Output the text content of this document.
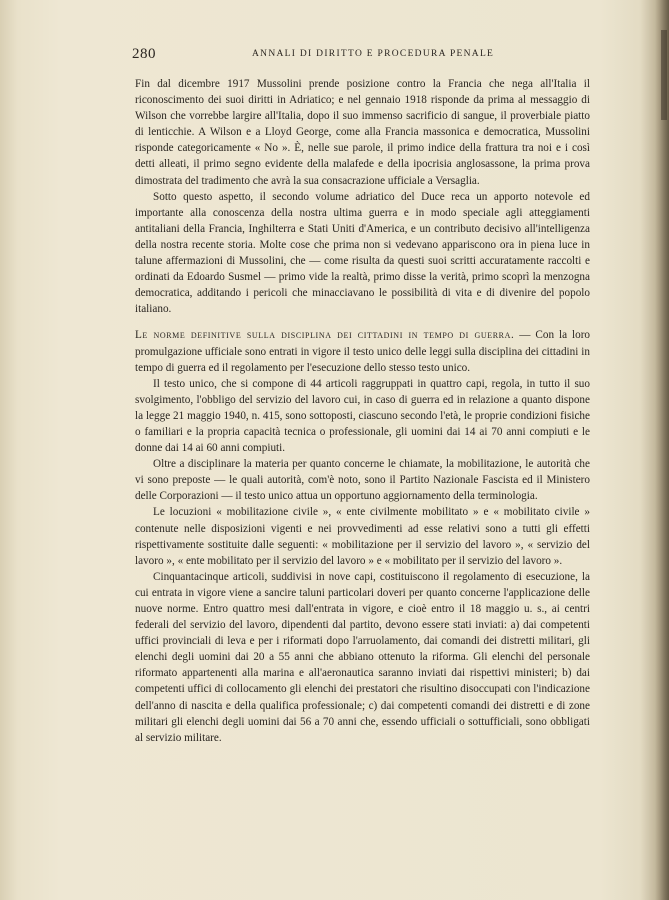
280	ANNALI DI DIRITTO E PROCEDURA PENALE

Fin dal dicembre 1917 Mussolini prende posizione contro la Francia che nega all'Italia il riconoscimento dei suoi diritti in Adriatico; e nel gennaio 1918 risponde da prima al messaggio di Wilson che vorrebbe largire all'Italia, dopo il suo immenso sacrificio di sangue, il proverbiale piatto di lenticchie. A Wilson e a Lloyd George, come alla Francia massonica e democratica, Mussolini risponde categoricamente « No ». È, nelle sue parole, il primo indice della frattura tra noi e i così detti alleati, il primo segno evidente della malafede e della ipocrisia anglosassone, la prima prova dimostrata del tradimento che avrà la sua consacrazione ufficiale a Versaglia.

Sotto questo aspetto, il secondo volume adriatico del Duce reca un apporto notevole ed importante alla conoscenza della nostra ultima guerra e in modo speciale agli atteggiamenti antitaliani della Francia, Inghilterra e Stati Uniti d'America, e un contributo decisivo all'intelligenza della nostra recente storia. Molte cose che prima non si vedevano appariscono ora in piena luce in talune affermazioni di Mussolini, che — come risulta da questi suoi scritti accuratamente raccolti e ordinati da Edoardo Susmel — primo vide la realtà, primo disse la verità, primo scoprì la menzogna democratica, additando i pericoli che minacciavano le possibilità di vita e di divenire del popolo italiano.

Le norme definitive sulla disciplina dei cittadini in tempo di guerra. — Con la loro promulgazione ufficiale sono entrati in vigore il testo unico delle leggi sulla disciplina dei cittadini in tempo di guerra ed il regolamento per l'esecuzione dello stesso testo unico.

Il testo unico, che si compone di 44 articoli raggruppati in quattro capi, regola, in tutto il suo svolgimento, l'obbligo del servizio del lavoro cui, in caso di guerra ed in relazione a quanto dispone la legge 21 maggio 1940, n. 415, sono sottoposti, ciascuno secondo l'età, le proprie condizioni fisiche o familiari e la propria capacità tecnica o professionale, gli uomini dai 14 ai 70 anni compiuti e le donne dai 14 ai 60 anni compiuti.

Oltre a disciplinare la materia per quanto concerne le chiamate, la mobilitazione, le autorità che vi sono preposte — le quali autorità, com'è noto, sono il Partito Nazionale Fascista ed il Ministero delle Corporazioni — il testo unico attua un opportuno aggiornamento della terminologia.

Le locuzioni « mobilitazione civile », « ente civilmente mobilitato » e « mobilitato civile » contenute nelle disposizioni vigenti e nei provvedimenti ad esse relativi sono a tutti gli effetti rispettivamente sostituite dalle seguenti: « mobilitazione per il servizio del lavoro », « servizio del lavoro », « ente mobilitato per il servizio del lavoro » e « mobilitato per il servizio del lavoro ».

Cinquantacinque articoli, suddivisi in nove capi, costituiscono il regolamento di esecuzione, la cui entrata in vigore viene a sancire taluni particolari doveri per quanto concerne l'applicazione delle nuove norme. Entro quattro mesi dall'entrata in vigore, e cioè entro il 18 maggio u. s., ai centri federali del servizio del lavoro, dipendenti dal partito, devono essere stati inviati: a) dai competenti uffici provinciali di leva e per i riformati dopo l'arruolamento, dai comandi dei distretti militari, gli elenchi degli uomini dai 20 a 55 anni che abbiano ottenuto la riforma. Gli elenchi del personale riformato appartenenti alla marina e all'aeronautica saranno inviati dai rispettivi ministeri; b) dai competenti uffici di collocamento gli elenchi dei prestatori che risultino disoccupati con l'indicazione dell'anno di nascita e della qualifica professionale; c) dai competenti comandi dei distretti e di zone militari gli elenchi degli uomini dai 56 a 70 anni che, essendo ufficiali o sottufficiali, sono obbligati al servizio militare.
